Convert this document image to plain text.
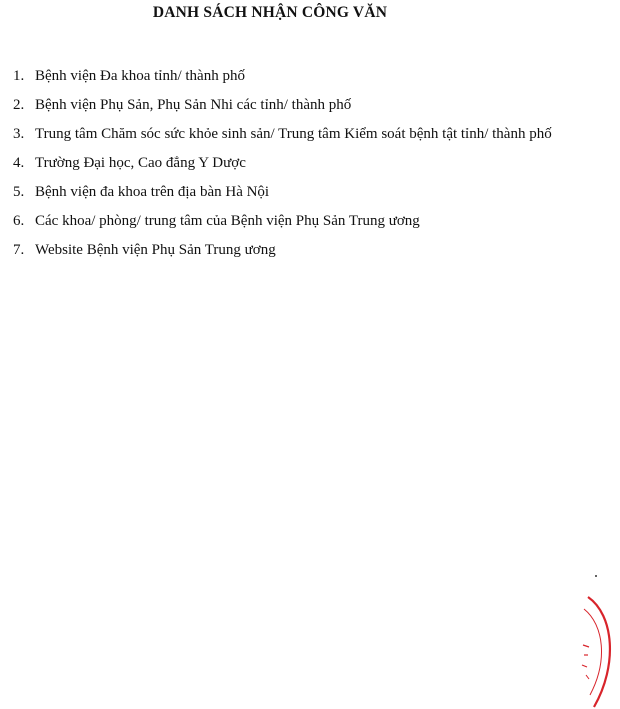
DANH SÁCH NHẬN CÔNG VĂN
1. Bệnh viện Đa khoa tỉnh/ thành phố
2. Bệnh viện Phụ Sản, Phụ Sản Nhi các tỉnh/ thành phố
3. Trung tâm Chăm sóc sức khỏe sinh sản/ Trung tâm Kiểm soát bệnh tật tỉnh/ thành phố
4. Trường Đại học, Cao đẳng Y Dược
5. Bệnh viện đa khoa trên địa bàn Hà Nội
6. Các khoa/ phòng/ trung tâm của Bệnh viện Phụ Sản Trung ương
7. Website Bệnh viện Phụ Sản Trung ương
